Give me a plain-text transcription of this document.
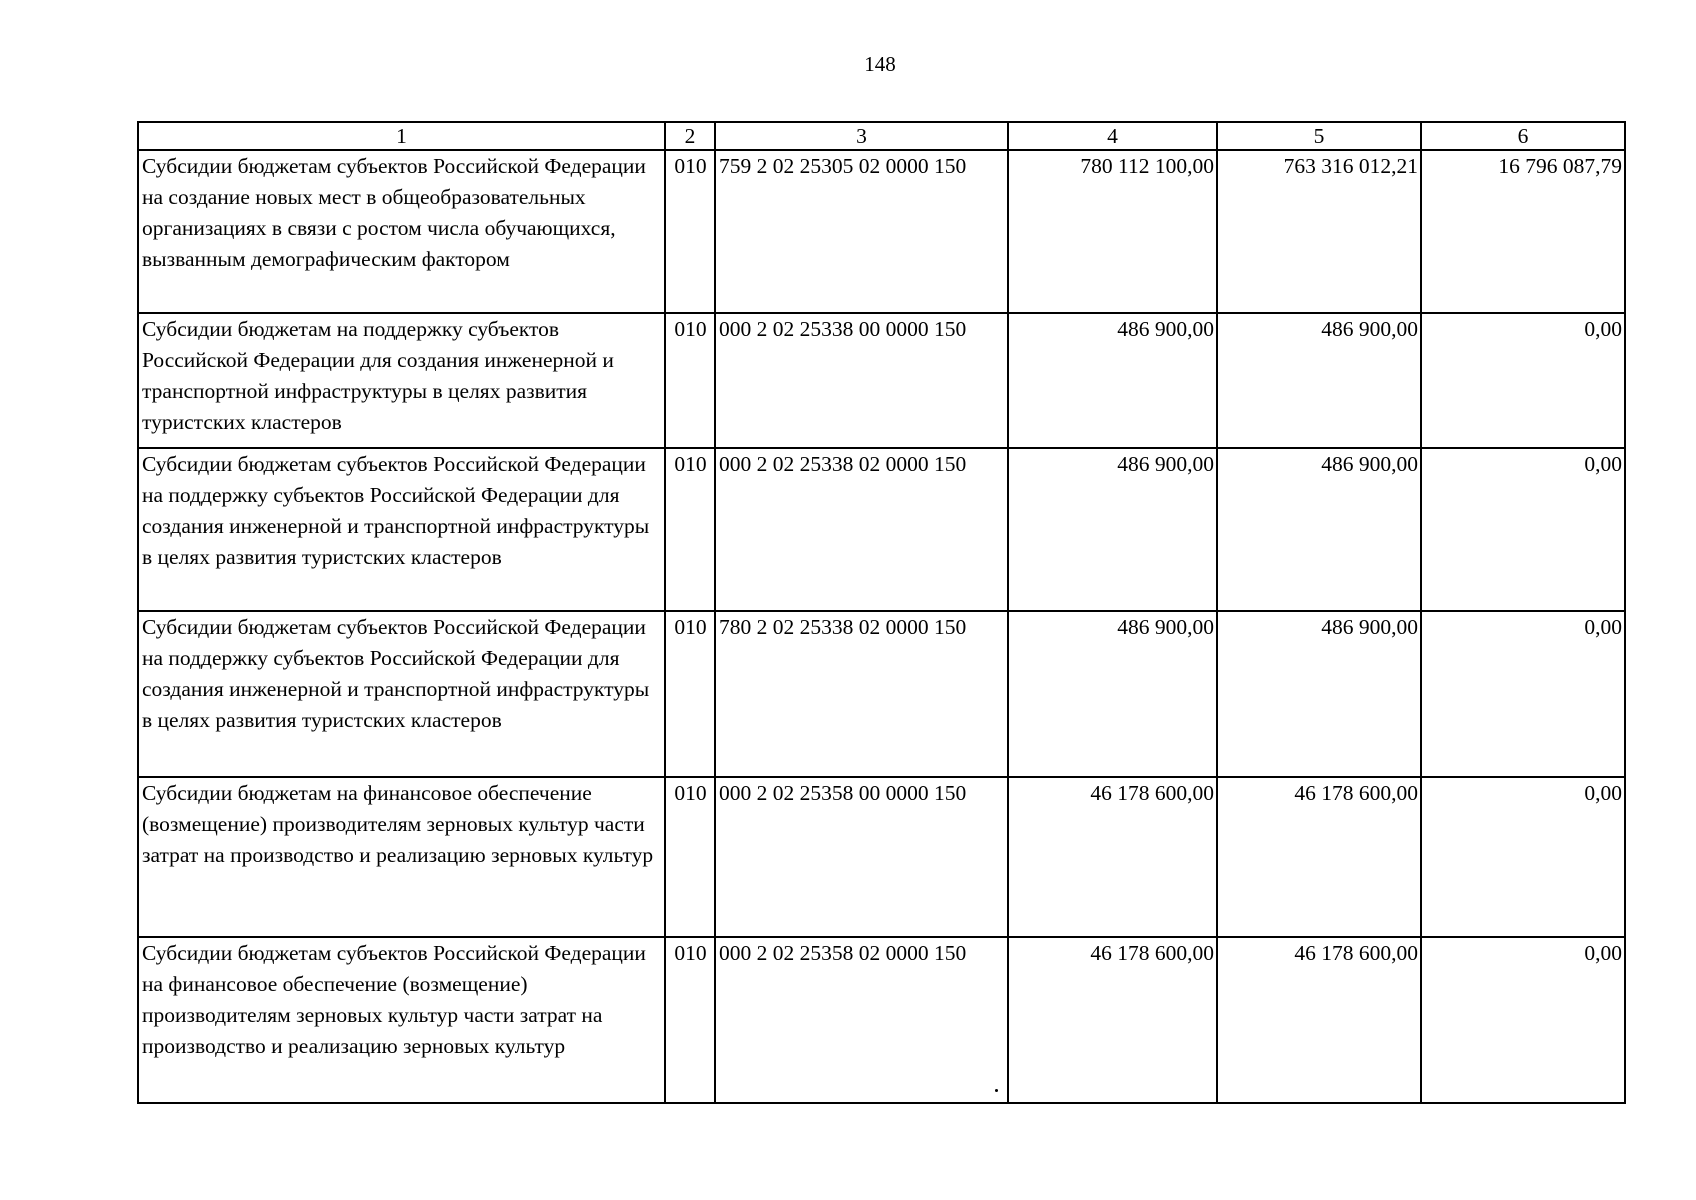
148
1	2	3	4	5	6
Субсидии бюджетам субъектов Российской Федерации на создание новых мест в общеобразовательных организациях в связи с ростом числа обучающихся, вызванным демографическим фактором	010	759 2 02 25305 02 0000 150	780 112 100,00	763 316 012,21	16 796 087,79
Субсидии бюджетам на поддержку субъектов Российской Федерации для создания инженерной и транспортной инфраструктуры в целях развития туристских кластеров	010	000 2 02 25338 00 0000 150	486 900,00	486 900,00	0,00
Субсидии бюджетам субъектов Российской Федерации на поддержку субъектов Российской Федерации для создания инженерной и транспортной инфраструктуры в целях развития туристских кластеров	010	000 2 02 25338 02 0000 150	486 900,00	486 900,00	0,00
Субсидии бюджетам субъектов Российской Федерации на поддержку субъектов Российской Федерации для создания инженерной и транспортной инфраструктуры в целях развития туристских кластеров	010	780 2 02 25338 02 0000 150	486 900,00	486 900,00	0,00
Субсидии бюджетам на финансовое обеспечение (возмещение) производителям зерновых культур части затрат на производство и реализацию зерновых культур	010	000 2 02 25358 00 0000 150	46 178 600,00	46 178 600,00	0,00
Субсидии бюджетам субъектов Российской Федерации на финансовое обеспечение (возмещение) производителям зерновых культур части затрат на производство и реализацию зерновых культур	010	000 2 02 25358 02 0000 150	46 178 600,00	46 178 600,00	0,00
